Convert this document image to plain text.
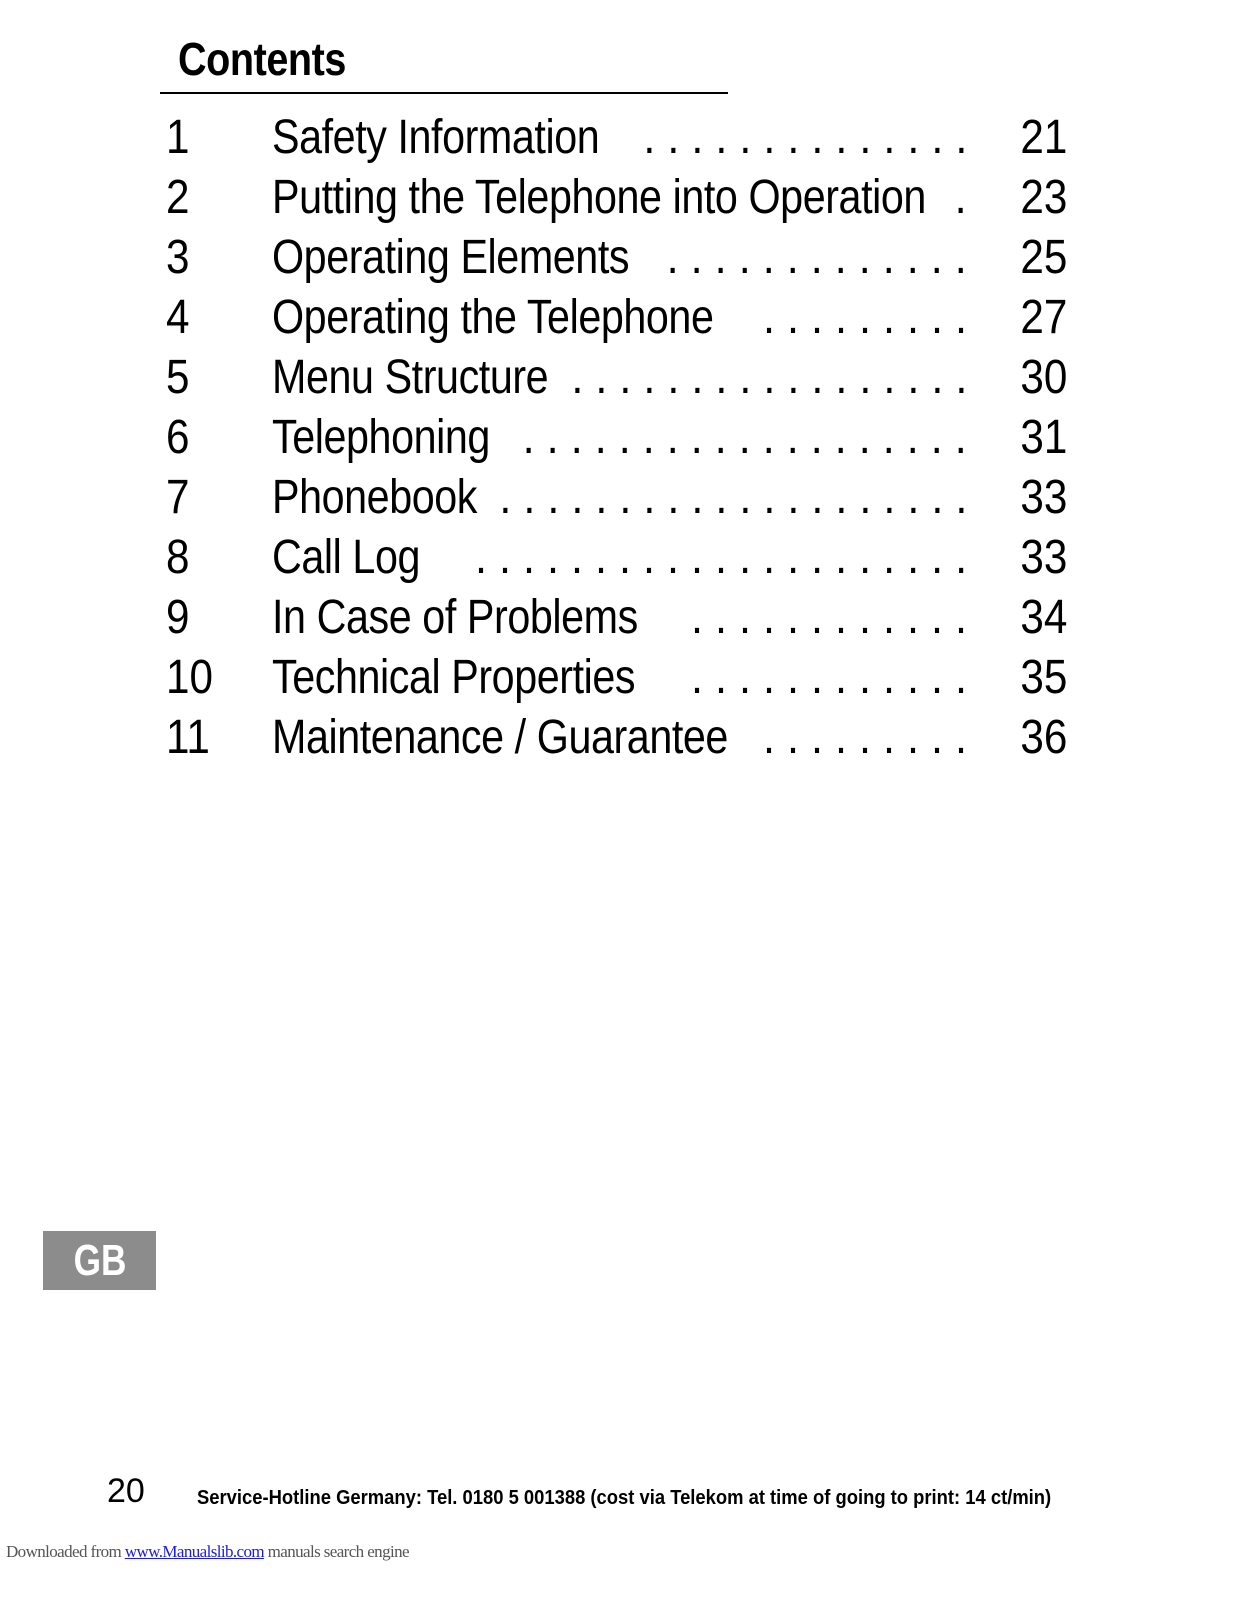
Contents
1 Safety Information . . . . . . . . . . . . . . 21
2 Putting the Telephone into Operation . 23
3 Operating Elements . . . . . . . . . . . . . 25
4 Operating the Telephone . . . . . . . . . 27
5 Menu Structure . . . . . . . . . . . . . . . . . 30
6 Telephoning . . . . . . . . . . . . . . . . . . . 31
7 Phonebook . . . . . . . . . . . . . . . . . . . . 33
8 Call Log . . . . . . . . . . . . . . . . . . . . . 33
9 In Case of Problems . . . . . . . . . . . . 34
10 Technical Properties . . . . . . . . . . . . 35
11 Maintenance / Guarantee . . . . . . . . . 36
GB
20	Service-Hotline Germany: Tel. 0180 5 001388 (cost via Telekom at time of going to print: 14 ct/min)
Downloaded from www.Manualslib.com manuals search engine
